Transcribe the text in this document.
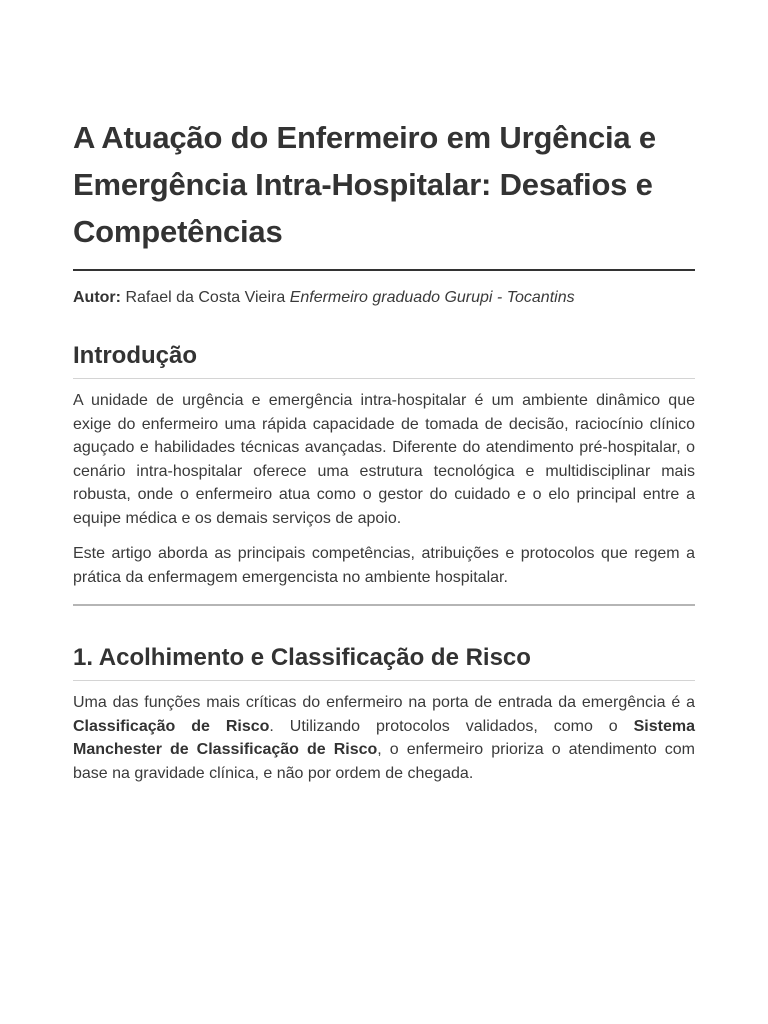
A Atuação do Enfermeiro em Urgência e Emergência Intra-Hospitalar: Desafios e Competências

Autor: Rafael da Costa Vieira Enfermeiro graduado Gurupi - Tocantins

Introdução

A unidade de urgência e emergência intra-hospitalar é um ambiente dinâmico que exige do enfermeiro uma rápida capacidade de tomada de decisão, raciocínio clínico aguçado e habilidades técnicas avançadas. Diferente do atendimento pré-hospitalar, o cenário intra-hospitalar oferece uma estrutura tecnológica e multidisciplinar mais robusta, onde o enfermeiro atua como o gestor do cuidado e o elo principal entre a equipe médica e os demais serviços de apoio.

Este artigo aborda as principais competências, atribuições e protocolos que regem a prática da enfermagem emergencista no ambiente hospitalar.

1. Acolhimento e Classificação de Risco

Uma das funções mais críticas do enfermeiro na porta de entrada da emergência é a Classificação de Risco. Utilizando protocolos validados, como o Sistema Manchester de Classificação de Risco, o enfermeiro prioriza o atendimento com base na gravidade clínica, e não por ordem de chegada.
